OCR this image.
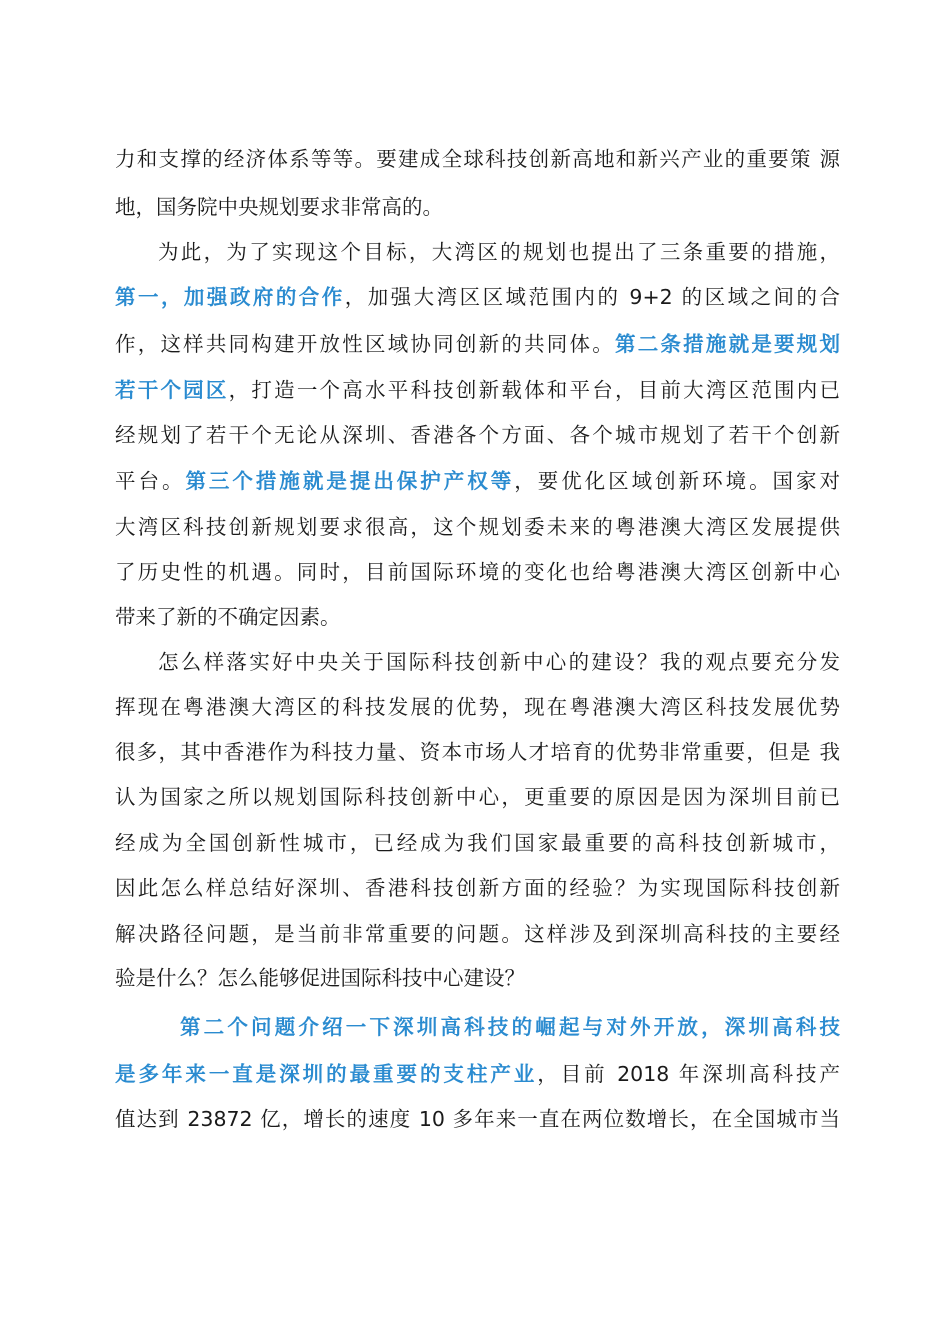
力和支撑的经济体系等等。要建成全球科技创新高地和新兴产业的重要策 源

地，国务院中央规划要求非常高的。

为此，为了实现这个目标，大湾区的规划也提出了三条重要的措施，

第一，加强政府的合作，加强大湾区区域范围内的 9+2 的区域之间的合

作，这样共同构建开放性区域协同创新的共同体。第二条措施就是要规划

若干个园区，打造一个高水平科技创新载体和平台，目前大湾区范围内已

经规划了若干个无论从深圳、香港各个方面、各个城市规划了若干个创新

平台。第三个措施就是提出保护产权等，要优化区域创新环境。国家对

大湾区科技创新规划要求很高，这个规划委未来的粤港澳大湾区发展提供

了历史性的机遇。同时，目前国际环境的变化也给粤港澳大湾区创新中心

带来了新的不确定因素。

怎么样落实好中央关于国际科技创新中心的建设？我的观点要充分发

挥现在粤港澳大湾区的科技发展的优势，现在粤港澳大湾区科技发展优势

很多，其中香港作为科技力量、资本市场人才培育的优势非常重要，但是 我

认为国家之所以规划国际科技创新中心，更重要的原因是因为深圳目前已

经成为全国创新性城市，已经成为我们国家最重要的高科技创新城市，

因此怎么样总结好深圳、香港科技创新方面的经验？为实现国际科技创新

解决路径问题，是当前非常重要的问题。这样涉及到深圳高科技的主要经

验是什么？怎么能够促进国际科技中心建设？

第二个问题介绍一下深圳高科技的崛起与对外开放，深圳高科技

是多年来一直是深圳的最重要的支柱产业，目前 2018 年深圳高科技产

值达到 23872 亿，增长的速度 10 多年来一直在两位数增长，在全国城市当
